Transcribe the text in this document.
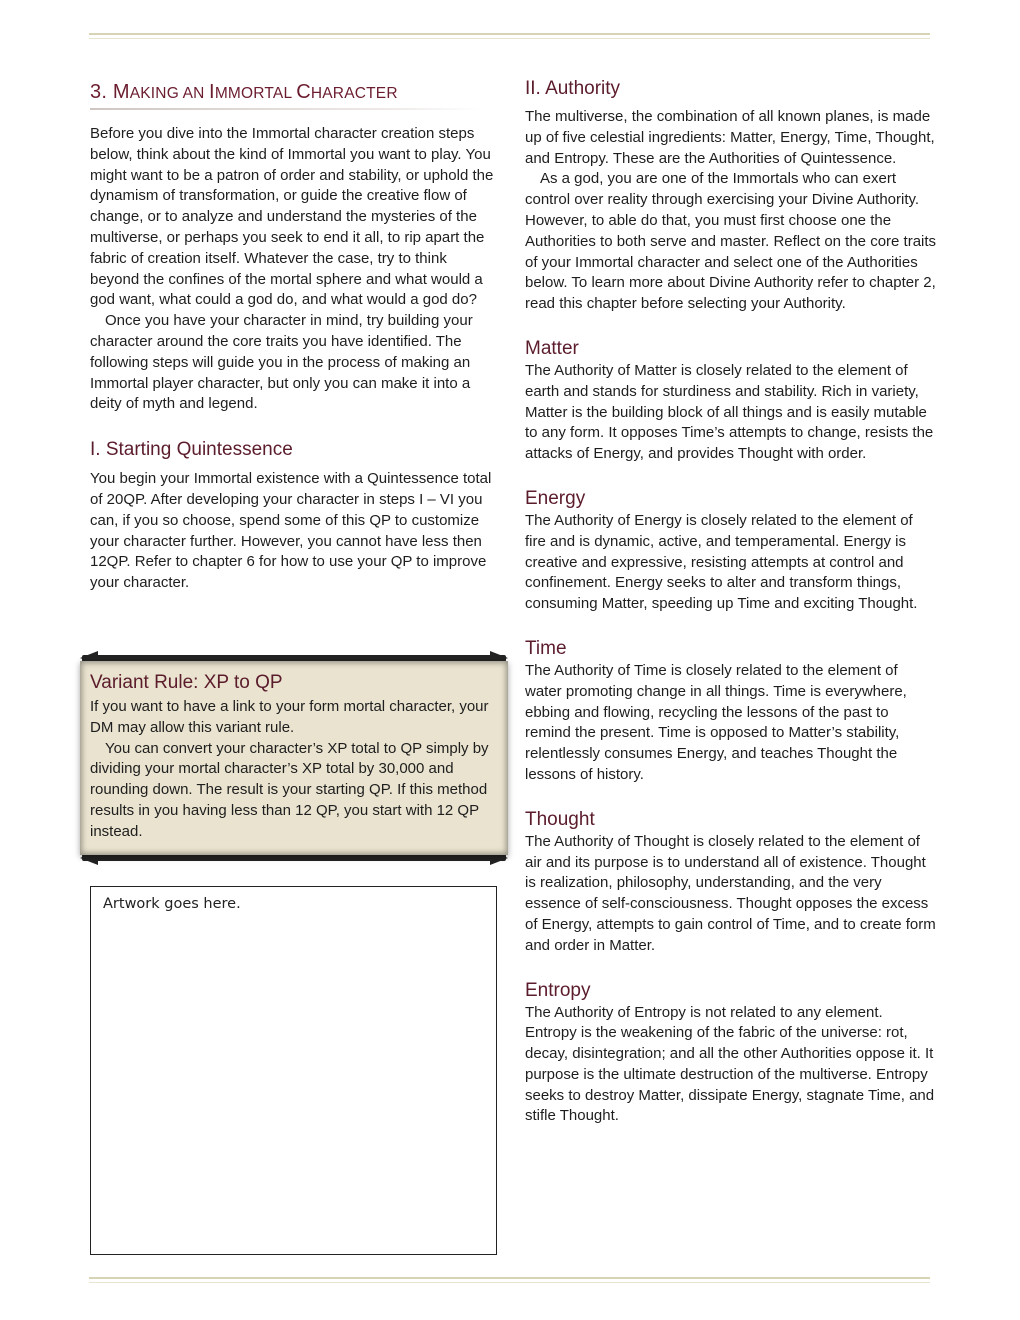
3. MAKING AN IMMORTAL CHARACTER

Before you dive into the Immortal character creation steps below, think about the kind of Immortal you want to play. You might want to be a patron of order and stability, or uphold the dynamism of transformation, or guide the creative flow of change, or to analyze and understand the mysteries of the multiverse, or perhaps you seek to end it all, to rip apart the fabric of creation itself. Whatever the case, try to think beyond the confines of the mortal sphere and what would a god want, what could a god do, and what would a god do?

Once you have your character in mind, try building your character around the core traits you have identified. The following steps will guide you in the process of making an Immortal player character, but only you can make it into a deity of myth and legend.

I. Starting Quintessence

You begin your Immortal existence with a Quintessence total of 20QP. After developing your character in steps I – VI you can, if you so choose, spend some of this QP to customize your character further. However, you cannot have less then 12QP. Refer to chapter 6 for how to use your QP to improve your character.

Variant Rule: XP to QP

If you want to have a link to your form mortal character, your DM may allow this variant rule.

You can convert your character’s XP total to QP simply by dividing your mortal character’s XP total by 30,000 and rounding down. The result is your starting QP. If this method results in you having less than 12 QP, you start with 12 QP instead.

Artwork goes here.
II. Authority

The multiverse, the combination of all known planes, is made up of five celestial ingredients: Matter, Energy, Time, Thought, and Entropy. These are the Authorities of Quintessence.

As a god, you are one of the Immortals who can exert control over reality through exercising your Divine Authority. However, to able do that, you must first choose one the Authorities to both serve and master. Reflect on the core traits of your Immortal character and select one of the Authorities below. To learn more about Divine Authority refer to chapter 2, read this chapter before selecting your Authority.

Matter

The Authority of Matter is closely related to the element of earth and stands for sturdiness and stability. Rich in variety, Matter is the building block of all things and is easily mutable to any form. It opposes Time’s attempts to change, resists the attacks of Energy, and provides Thought with order.

Energy

The Authority of Energy is closely related to the element of fire and is dynamic, active, and temperamental. Energy is creative and expressive, resisting attempts at control and confinement. Energy seeks to alter and transform things, consuming Matter, speeding up Time and exciting Thought.

Time

The Authority of Time is closely related to the element of water promoting change in all things. Time is everywhere, ebbing and flowing, recycling the lessons of the past to remind the present. Time is opposed to Matter’s stability, relentlessly consumes Energy, and teaches Thought the lessons of history.

Thought

The Authority of Thought is closely related to the element of air and its purpose is to understand all of existence. Thought is realization, philosophy, understanding, and the very essence of self-consciousness. Thought opposes the excess of Energy, attempts to gain control of Time, and to create form and order in Matter.

Entropy

The Authority of Entropy is not related to any element. Entropy is the weakening of the fabric of the universe: rot, decay, disintegration; and all the other Authorities oppose it. It purpose is the ultimate destruction of the multiverse. Entropy seeks to destroy Matter, dissipate Energy, stagnate Time, and stifle Thought.
